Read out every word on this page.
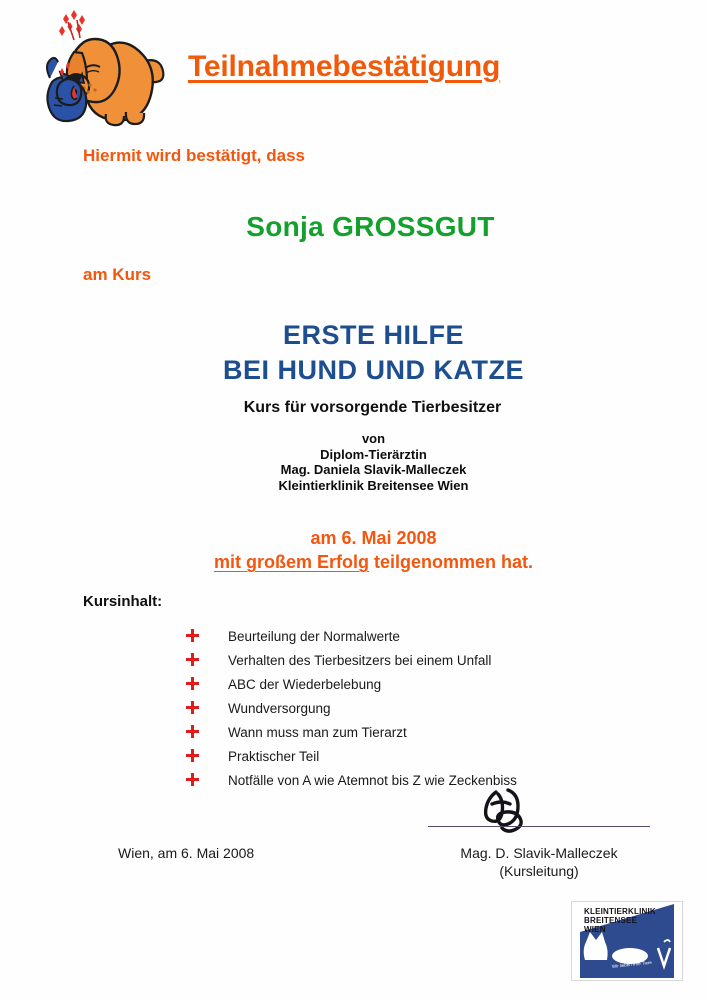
Teilnahmebestätigung
Hiermit wird bestätigt, dass
Sonja GROSSGUT
am Kurs
ERSTE HILFE
BEI HUND UND KATZE
Kurs für vorsorgende Tierbesitzer
von
Diplom-Tierärztin
Mag. Daniela Slavik-Malleczek
Kleintierklinik Breitensee Wien
am 6. Mai 2008
mit großem Erfolg teilgenommen hat.
Kursinhalt:
Beurteilung der Normalwerte
Verhalten des Tierbesitzers bei einem Unfall
ABC der Wiederbelebung
Wundversorgung
Wann muss man zum Tierarzt
Praktischer Teil
Notfälle von A wie Atemnot bis Z wie Zeckenbiss
Mag. D. Slavik-Malleczek
(Kursleitung)
Wien, am 6. Mai 2008
KLEINTIERKLINIK
BREITENSEE
WIEN
Wir lieben Ihre Tiere
